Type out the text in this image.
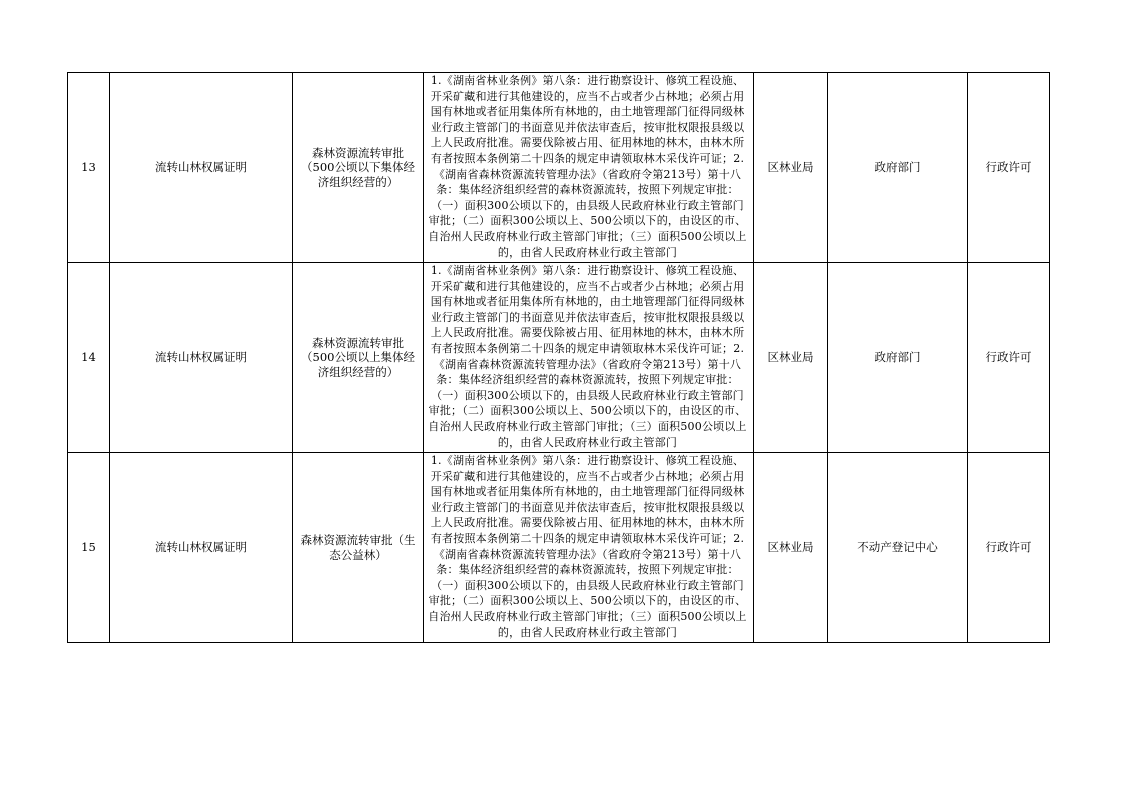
13	流转山林权属证明	森林资源流转审批（500公顷以下集体经济组织经营的）	1.《湖南省林业条例》第八条：进行勘察设计、修筑工程设施、开采矿藏和进行其他建设的，应当不占或者少占林地；必须占用国有林地或者征用集体所有林地的，由土地管理部门征得同级林业行政主管部门的书面意见并依法审查后，按审批权限报县级以上人民政府批准。需要伐除被占用、征用林地的林木，由林木所有者按照本条例第二十四条的规定申请领取林木采伐许可证；2.《湖南省森林资源流转管理办法》（省政府令第213号）第十八条：集体经济组织经营的森林资源流转，按照下列规定审批：（一）面积300公顷以下的，由县级人民政府林业行政主管部门审批；（二）面积300公顷以上、500公顷以下的，由设区的市、自治州人民政府林业行政主管部门审批；（三）面积500公顷以上的，由省人民政府林业行政主管部门	区林业局	政府部门	行政许可
14	流转山林权属证明	森林资源流转审批（500公顷以上集体经济组织经营的）	1.《湖南省林业条例》第八条：进行勘察设计、修筑工程设施、开采矿藏和进行其他建设的，应当不占或者少占林地；必须占用国有林地或者征用集体所有林地的，由土地管理部门征得同级林业行政主管部门的书面意见并依法审查后，按审批权限报县级以上人民政府批准。需要伐除被占用、征用林地的林木，由林木所有者按照本条例第二十四条的规定申请领取林木采伐许可证；2.《湖南省森林资源流转管理办法》（省政府令第213号）第十八条：集体经济组织经营的森林资源流转，按照下列规定审批：（一）面积300公顷以下的，由县级人民政府林业行政主管部门审批；（二）面积300公顷以上、500公顷以下的，由设区的市、自治州人民政府林业行政主管部门审批；（三）面积500公顷以上的，由省人民政府林业行政主管部门	区林业局	政府部门	行政许可
15	流转山林权属证明	森林资源流转审批（生态公益林）	1.《湖南省林业条例》第八条：进行勘察设计、修筑工程设施、开采矿藏和进行其他建设的，应当不占或者少占林地；必须占用国有林地或者征用集体所有林地的，由土地管理部门征得同级林业行政主管部门的书面意见并依法审查后，按审批权限报县级以上人民政府批准。需要伐除被占用、征用林地的林木，由林木所有者按照本条例第二十四条的规定申请领取林木采伐许可证；2.《湖南省森林资源流转管理办法》（省政府令第213号）第十八条：集体经济组织经营的森林资源流转，按照下列规定审批：（一）面积300公顷以下的，由县级人民政府林业行政主管部门审批；（二）面积300公顷以上、500公顷以下的，由设区的市、自治州人民政府林业行政主管部门审批；（三）面积500公顷以上的，由省人民政府林业行政主管部门	区林业局	不动产登记中心	行政许可
